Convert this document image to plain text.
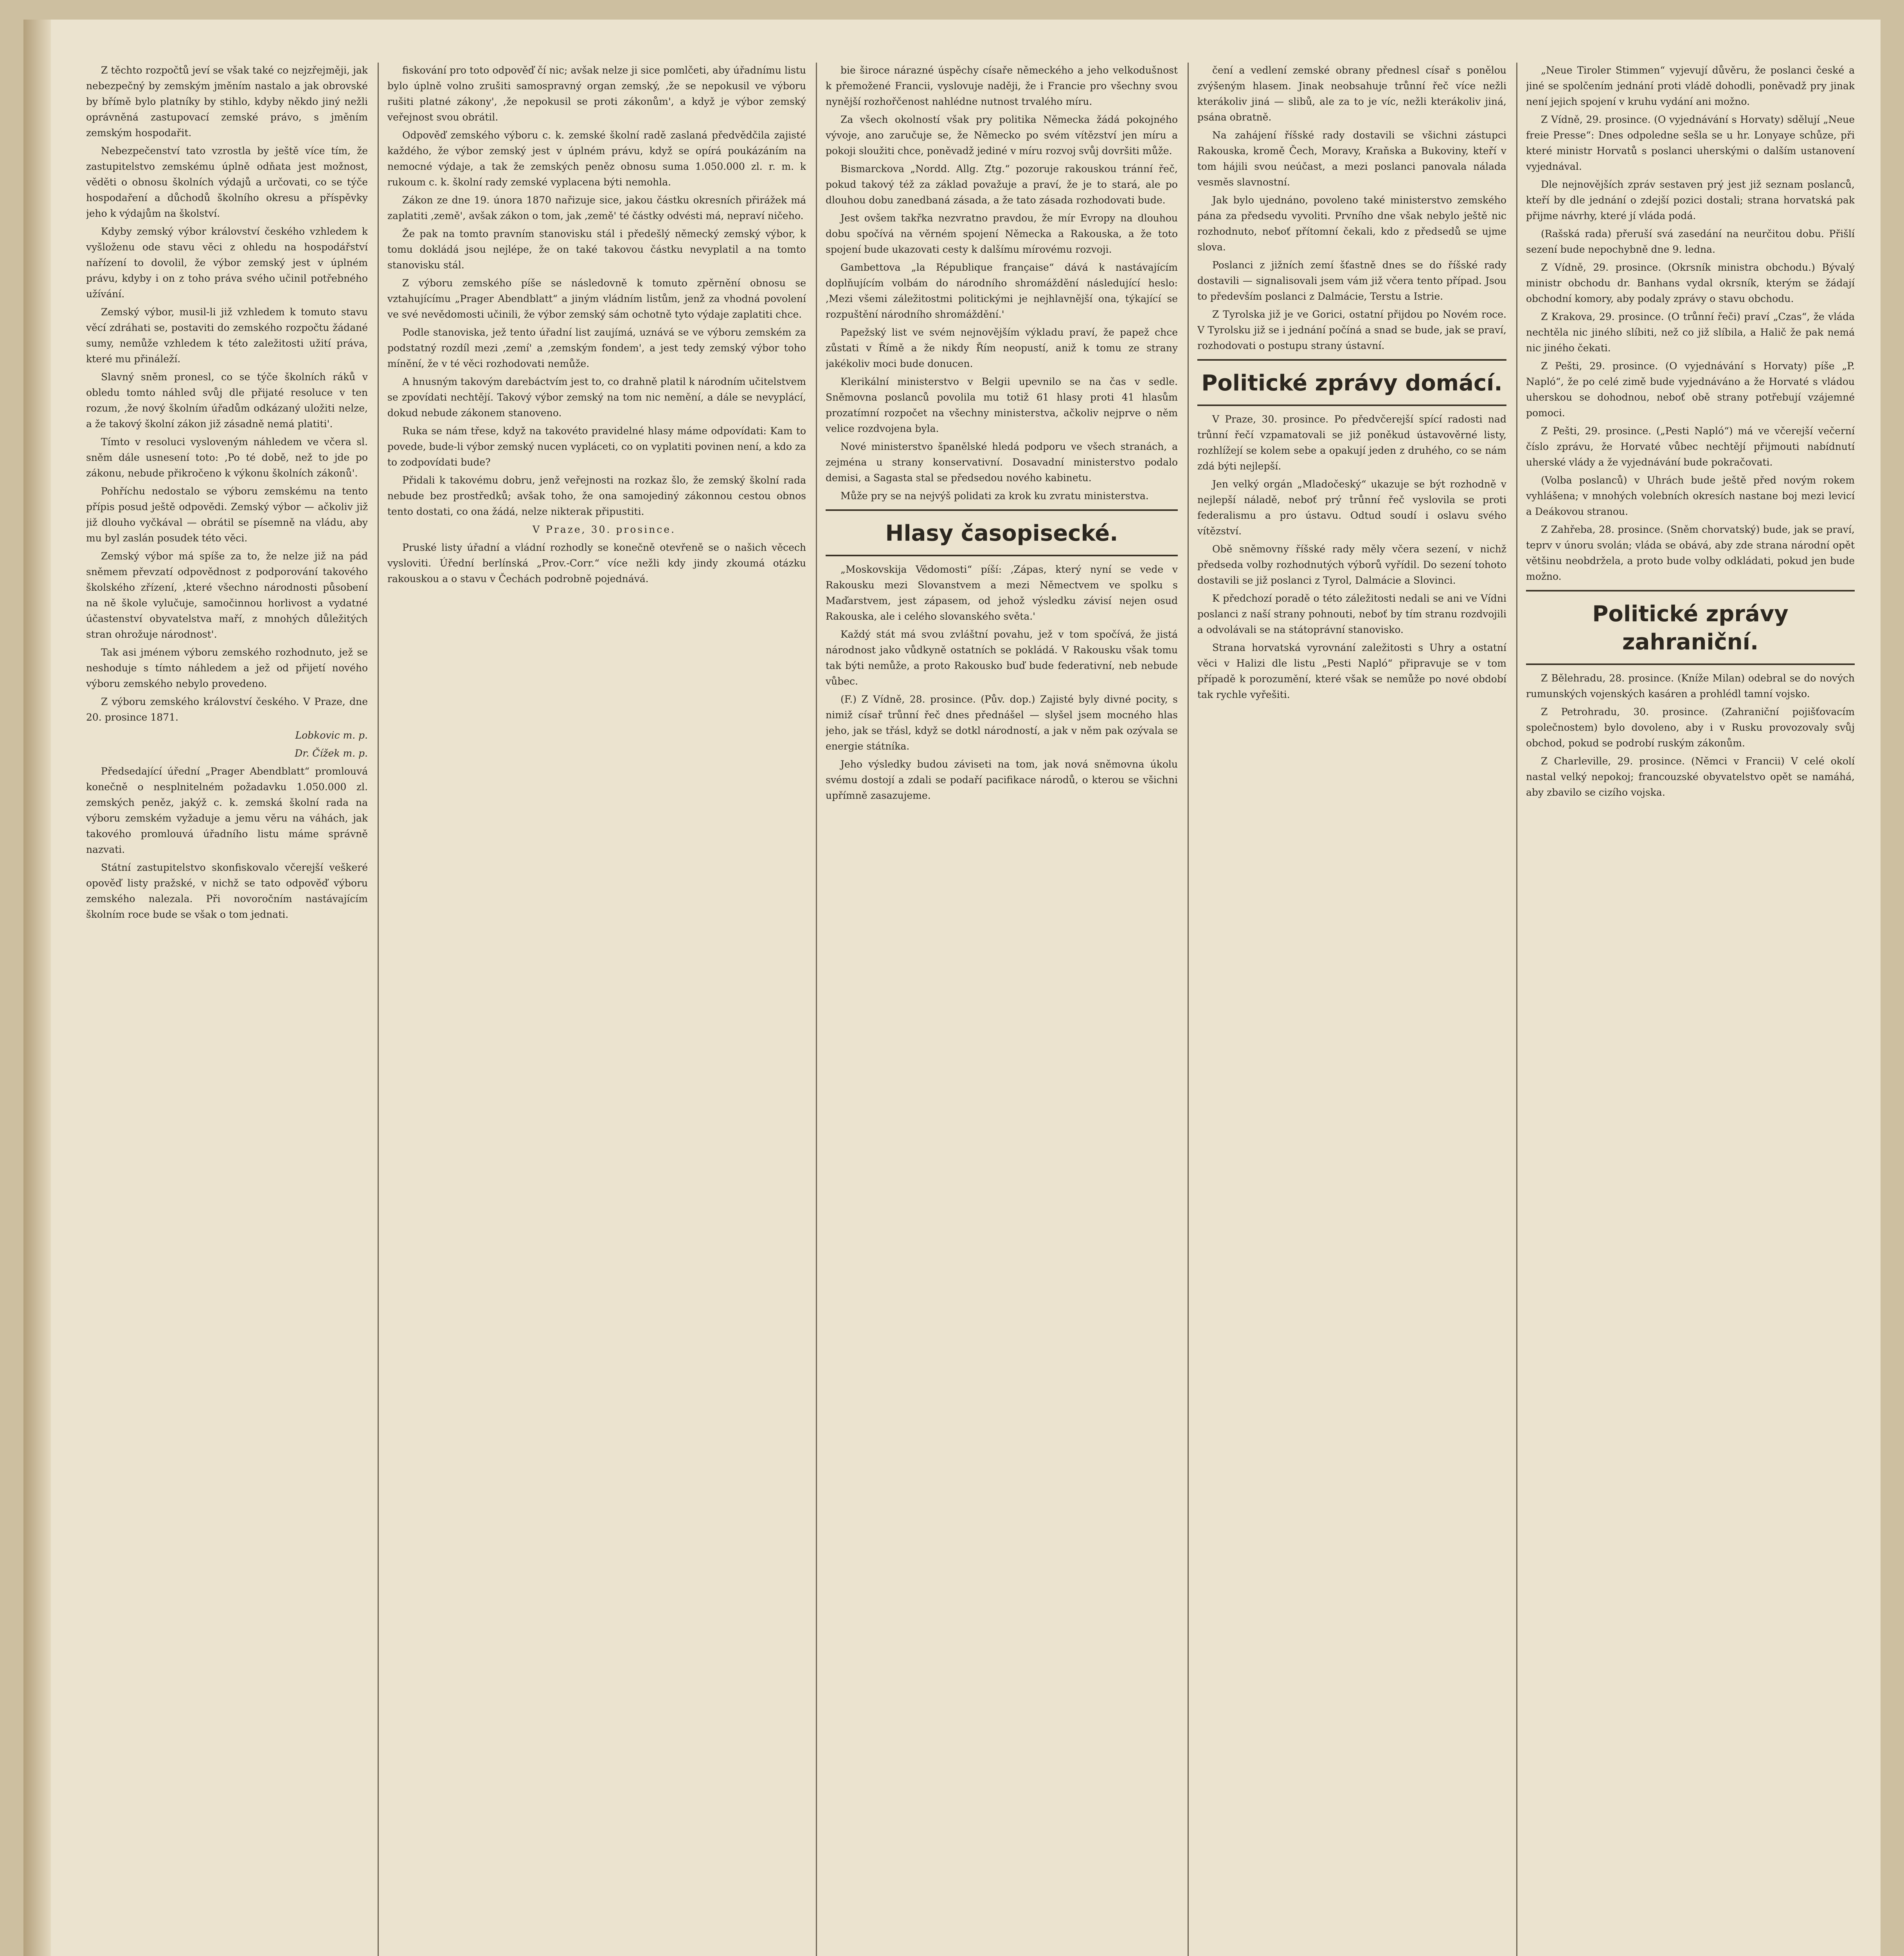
Z těchto rozpočtů jeví se však také co nejzřejměji, jak nebezpečný by zemským jměním nastalo a jak obrovské by břímě bylo platníky by stihlo, kdyby někdo jiný nežli oprávněná zastupovací zemské právo, s jměním zemským hospodařit.

Nebezpečenství tato vzrostla by ještě více tím, že zastupitelstvo zemskému úplně odňata jest možnost, věděti o obnosu školních výdajů a určovati, co se týče hospodaření a důchodů školního okresu a příspěvky jeho k výdajům na školství.

Kdyby zemský výbor království českého vzhledem k vyšloženu ode stavu věci z ohledu na hospodářství nařízení to dovolil, že výbor zemský jest v úplném právu, kdyby i on z toho práva svého učinil potřebného užívání.

Zemský výbor, musil-li již vzhledem k tomuto stavu věcí zdráhati se, postaviti do zemského rozpočtu žádané sumy, nemůže vzhledem k této zaležitosti užití práva, které mu přináleží.

Slavný sněm pronesl, co se týče školních ráků v obledu tomto náhled svůj dle přijaté resoluce v ten rozum, ,že nový školním úřadům odkázaný uložiti nelze, a že takový školní zákon již zásadně nemá platiti'.

Tímto v resoluci vysloveným náhledem ve včera sl. sněm dále usnesení toto: ,Po té době, než to jde po zákonu, nebude přikročeno k výkonu školních zákonů'.

Pohříchu nedostalo se výboru zemskému na tento přípis posud ještě odpovědi. Zemský výbor — ačkoliv již již dlouho vyčkával — obrátil se písemně na vládu, aby mu byl zaslán posudek této věci.

Zemský výbor má spíše za to, že nelze již na pád sněmem převzatí odpovědnost z podporování takového školského zřízení, ,které všechno národnosti působení na ně škole vylučuje, samočinnou horlivost a vydatné účastenství obyvatelstva maří, z mnohých důležitých stran ohrožuje národnost'.

Tak asi jménem výboru zemského rozhodnuto, jež se neshoduje s tímto náhledem a jež od přijetí nového výboru zemského nebylo provedeno.

Z výboru zemského království českého. V Praze, dne 20. prosince 1871.

Lobkovic m. p.

Dr. Čížek m. p.

Předsedající úřední „Prager Abendblatt“ promlouvá konečně o nesplnitelném požadavku 1.050.000 zl. zemských peněz, jakýž c. k. zemská školní rada na výboru zemském vyžaduje a jemu věru na váhách, jak takového promlouvá úřadního listu máme správně nazvati.

Státní zastupitelstvo skonfiskovalo včerejší veškeré opověď listy pražské, v nichž se tato odpověď výboru zemského nalezala. Při novoročním nastávajícím školním roce bude se však o tom jednati.

fiskování pro toto odpověď čí nic; avšak nelze ji sice pomlčeti, aby úřadnímu listu bylo úplně volno zrušiti samospravný organ zemský, ,že se nepokusil ve výboru rušiti platné zákony', ,že nepokusil se proti zákonům', a když je výbor zemský veřejnost svou obrátil.

Odpověď zemského výboru c. k. zemské školní radě zaslaná předvědčila zajisté každého, že výbor zemský jest v úplném právu, když se opírá poukázáním na nemocné výdaje, a tak že zemských peněz obnosu suma 1.050.000 zl. r. m. k rukoum c. k. školní rady zemské vyplacena býti nemohla.

Zákon ze dne 19. února 1870 nařizuje sice, jakou částku okresních přirážek má zaplatiti ,země', avšak zákon o tom, jak ,země' té částky odvésti má, nepraví ničeho.

Že pak na tomto pravním stanovisku stál i předešlý německý zemský výbor, k tomu dokládá jsou nejlépe, že on také takovou částku nevyplatil a na tomto stanovisku stál.

Z výboru zemského píše se následovně k tomuto zpěrnění obnosu se vztahujícímu „Prager Abendblatt“ a jiným vládním listům, jenž za vhodná povolení ve své nevědomosti učinili, že výbor zemský sám ochotně tyto výdaje zaplatiti chce.

Podle stanoviska, jež tento úřadní list zaujímá, uznává se ve výboru zemském za podstatný rozdíl mezi ,zemí' a ,zemským fondem', a jest tedy zemský výbor toho mínění, že v té věci rozhodovati nemůže.

A hnusným takovým darebáctvím jest to, co drahně platil k národním učitelstvem se zpovídati nechtějí. Takový výbor zemský na tom nic nemění, a dále se nevyplácí, dokud nebude zákonem stanoveno.

Ruka se nám třese, když na takovéto pravidelné hlasy máme odpovídati: Kam to povede, bude-li výbor zemský nucen vypláceti, co on vyplatiti povinen není, a kdo za to zodpovídati bude?

Přidali k takovému dobru, jenž veřejnosti na rozkaz šlo, že zemský školní rada nebude bez prostředků; avšak toho, že ona samojediný zákonnou cestou obnos tento dostati, co ona žádá, nelze nikterak připustiti.

V Praze, 30. prosince.

Pruské listy úřadní a vládní rozhodly se konečně otevřeně se o našich věcech vysloviti. Úřední berlínská „Prov.-Corr.“ více nežli kdy jindy zkoumá otázku rakouskou a o stavu v Čechách podrobně pojednává.

bie široce nárazné úspěchy císaře německého a jeho velkodušnost k přemožené Francii, vyslovuje naději, že i Francie pro všechny svou nynější rozhořčenost nahlédne nutnost trvalého míru.

Za všech okolností však pry politika Německa žádá pokojného vývoje, ano zaručuje se, že Německo po svém vítězství jen míru a pokoji sloužiti chce, poněvadž jediné v míru rozvoj svůj dovršiti může.

Bismarckova „Nordd. Allg. Ztg.“ pozoruje rakouskou tránní řeč, pokud takový též za základ považuje a praví, že je to stará, ale po dlouhou dobu zanedbaná zásada, a že tato zásada rozhodovati bude.

Jest ovšem takřka nezvratno pravdou, že mír Evropy na dlouhou dobu spočívá na věrném spojení Německa a Rakouska, a že toto spojení bude ukazovati cesty k dalšímu mírovému rozvoji.

Gambettova „la République française“ dává k nastávajícím doplňujícím volbám do národního shromáždění následující heslo: ,Mezi všemi záležitostmi politickými je nejhlavnější ona, týkající se rozpuštění národního shromáždění.'

Papežský list ve svém nejnovějším výkladu praví, že papež chce zůstati v Římě a že nikdy Řím neopustí, aniž k tomu ze strany jakékoliv moci bude donucen.

Klerikální ministerstvo v Belgii upevnilo se na čas v sedle. Sněmovna poslanců povolila mu totiž 61 hlasy proti 41 hlasům prozatímní rozpočet na všechny ministerstva, ačkoliv nejprve o něm velice rozdvojena byla.

Nové ministerstvo španělské hledá podporu ve všech stranách, a zejména u strany konservativní. Dosavadní ministerstvo podalo demisi, a Sagasta stal se předsedou nového kabinetu.

Může pry se na nejvýš polidati za krok ku zvratu ministerstva.

Hlasy časopisecké.

„Moskovskija Vědomosti“ píší: ,Zápas, který nyní se vede v Rakousku mezi Slovanstvem a mezi Němectvem ve spolku s Maďarstvem, jest zápasem, od jehož výsledku závisí nejen osud Rakouska, ale i celého slovanského světa.'

Každý stát má svou zvláštní povahu, jež v tom spočívá, že jistá národnost jako vůdkyně ostatních se pokládá. V Rakousku však tomu tak býti nemůže, a proto Rakousko buď bude federativní, neb nebude vůbec.

(F.) Z Vídně, 28. prosince. (Pův. dop.) Zajisté byly divné pocity, s nimiž císař trůnní řeč dnes přednášel — slyšel jsem mocného hlas jeho, jak se třásl, když se dotkl národností, a jak v něm pak ozývala se energie státníka.

Jeho výsledky budou záviseti na tom, jak nová sněmovna úkolu svému dostojí a zdali se podaří pacifikace národů, o kterou se všichni upřímně zasazujeme.

čení a vedlení zemské obrany přednesl císař s ponělou zvýšeným hlasem. Jinak neobsahuje trůnní řeč více nežli kterákoliv jiná — slibů, ale za to je víc, nežli kterákoliv jiná, psána obratně.

Na zahájení říšské rady dostavili se všichni zástupci Rakouska, kromě Čech, Moravy, Kraňska a Bukoviny, kteří v tom hájili svou neúčast, a mezi poslanci panovala nálada vesměs slavnostní.

Jak bylo ujednáno, povoleno také ministerstvo zemského pána za předsedu vyvoliti. Prvního dne však nebylo ještě nic rozhodnuto, neboť přítomní čekali, kdo z předsedů se ujme slova.

Poslanci z jižních zemí šťastně dnes se do říšské rady dostavili — signalisovali jsem vám již včera tento případ. Jsou to především poslanci z Dalmácie, Terstu a Istrie.

Z Tyrolska již je ve Gorici, ostatní přijdou po Novém roce. V Tyrolsku již se i jednání počíná a snad se bude, jak se praví, rozhodovati o postupu strany ústavní.

Politické zprávy domácí.

V Praze, 30. prosince. Po předvčerejší spící radosti nad trůnní řečí vzpamatovali se již poněkud ústavověrné listy, rozhlížejí se kolem sebe a opakují jeden z druhého, co se nám zdá býti nejlepší.

Jen velký orgán „Mladočeský“ ukazuje se být rozhodně v nejlepší náladě, neboť prý trůnní řeč vyslovila se proti federalismu a pro ústavu. Odtud soudí i oslavu svého vítězství.

Obě sněmovny říšské rady měly včera sezení, v nichž předseda volby rozhodnutých výborů vyřídil. Do sezení tohoto dostavili se již poslanci z Tyrol, Dalmácie a Slovinci.

K předchozí poradě o této záležitosti nedali se ani ve Vídni poslanci z naší strany pohnouti, neboť by tím stranu rozdvojili a odvolávali se na státoprávní stanovisko.

Strana horvatská vyrovnání zaležitosti s Uhry a ostatní věci v Halizi dle listu „Pesti Napló“ připravuje se v tom případě k porozumění, které však se nemůže po nové období tak rychle vyřešiti.

„Neue Tiroler Stimmen“ vyjevují důvěru, že poslanci české a jiné se spolčením jednání proti vládě dohodli, poněvadž pry jinak není jejich spojení v kruhu vydání ani možno.

Z Vídně, 29. prosince. (O vyjednávání s Horvaty) sdělují „Neue freie Presse“: Dnes odpoledne sešla se u hr. Lonyaye schůze, při které ministr Horvatů s poslanci uherskými o dalším ustanovení vyjednával.

Dle nejnovějších zpráv sestaven prý jest již seznam poslanců, kteří by dle jednání o zdejší pozici dostali; strana horvatská pak přijme návrhy, které jí vláda podá.

(Rašská rada) přeruší svá zasedání na neurčitou dobu. Přišlí sezení bude nepochybně dne 9. ledna.

Z Vídně, 29. prosince. (Okrsník ministra obchodu.) Bývalý ministr obchodu dr. Banhans vydal okrsník, kterým se žádají obchodní komory, aby podaly zprávy o stavu obchodu.

Z Krakova, 29. prosince. (O trůnní řeči) praví „Czas“, že vláda nechtěla nic jiného slíbiti, než co již slíbila, a Halič že pak nemá nic jiného čekati.

Z Pešti, 29. prosince. (O vyjednávání s Horvaty) píše „P. Napló“, že po celé zimě bude vyjednáváno a že Horvaté s vládou uherskou se dohodnou, neboť obě strany potřebují vzájemné pomoci.

Z Pešti, 29. prosince. („Pesti Napló“) má ve včerejší večerní číslo zprávu, že Horvaté vůbec nechtějí přijmouti nabídnutí uherské vlády a že vyjednávání bude pokračovati.

(Volba poslanců) v Uhrách bude ještě před novým rokem vyhlášena; v mnohých volebních okresích nastane boj mezi levicí a Deákovou stranou.

Z Zahřeba, 28. prosince. (Sněm chorvatský) bude, jak se praví, teprv v únoru svolán; vláda se obává, aby zde strana národní opět většinu neobdržela, a proto bude volby odkládati, pokud jen bude možno.

Politické zprávy zahraniční.

Z Bělehradu, 28. prosince. (Kníže Milan) odebral se do nových rumunských vojenských kasáren a prohlédl tamní vojsko.

Z Petrohradu, 30. prosince. (Zahraniční pojišťovacím společnostem) bylo dovoleno, aby i v Rusku provozovaly svůj obchod, pokud se podrobí ruským zákonům.

Z Charleville, 29. prosince. (Němci v Francii) V celé okolí nastal velký nepokoj; francouzské obyvatelstvo opět se namáhá, aby zbavilo se cizího vojska.
